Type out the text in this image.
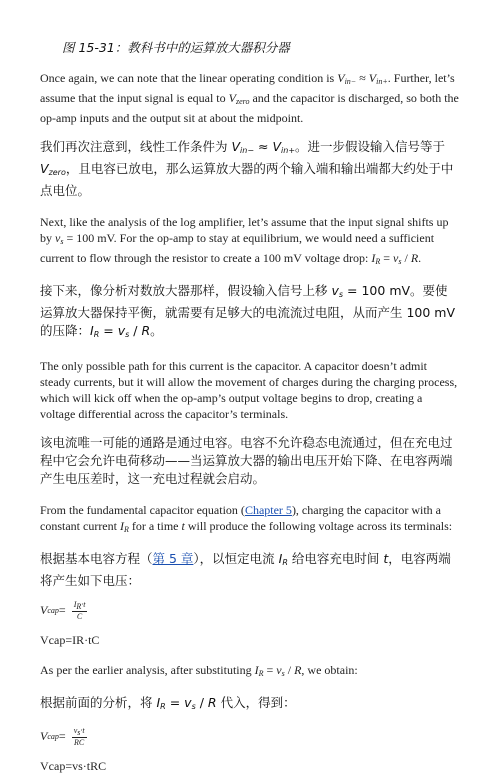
图 15-31：教科书中的运算放大器积分器

Once again, we can note that the linear operating condition is $V_{in-} \approx V_{in+}$. Further, let’s assume that the input signal is equal to $V_{zero}$ and the capacitor is discharged, so both the op-amp inputs and the output sit at about the midpoint.

我们再次注意到，线性工作条件为 $V_{in-} \approx V_{in+}$。进一步假设输入信号等于 $V_{zero}$，且电容已放电，那么运算放大器的两个输入端和输出端都大约处于中点电位。

Next, like the analysis of the log amplifier, let’s assume that the input signal shifts up by $v_s = 100$ mV. For the op-amp to stay at equilibrium, we would need a sufficient current to flow through the resistor to create a 100 mV voltage drop: $I_R = v_s / R$.

接下来，像分析对数放大器那样，假设输入信号上移 $v_s = 100$ mV。要使运算放大器保持平衡，就需要有足够大的电流流过电阻，从而产生 100 mV 的压降：$I_R = v_s / R$。

The only possible path for this current is the capacitor. A capacitor doesn’t admit steady currents, but it will allow the movement of charges during the charging process, which will kick off when the op-amp’s output voltage begins to drop, creating a voltage differential across the capacitor’s terminals.

该电流唯一可能的通路是通过电容。电容不允许稳态电流通过，但在充电过程中它会允许电荷移动——当运算放大器的输出电压开始下降、在电容两端产生电压差时，这一充电过程就会启动。

From the fundamental capacitor equation (Chapter 5), charging the capacitor with a constant current $I_R$ for a time t will produce the following voltage across its terminals:

根据基本电容方程（第 5 章），以恒定电流 $I_R$ 给电容充电时间 t，电容两端将产生如下电压：

V cap = $\frac{IR\cdot t}{C}$

Vcap=IR·tC

As per the earlier analysis, after substituting $I_R = v_s / R$, we obtain:

根据前面的分析，将 $I_R = v_s / R$ 代入，得到：

V cap = $\frac{vs\cdot t}{RC}$

Vcap=vs·tRC
